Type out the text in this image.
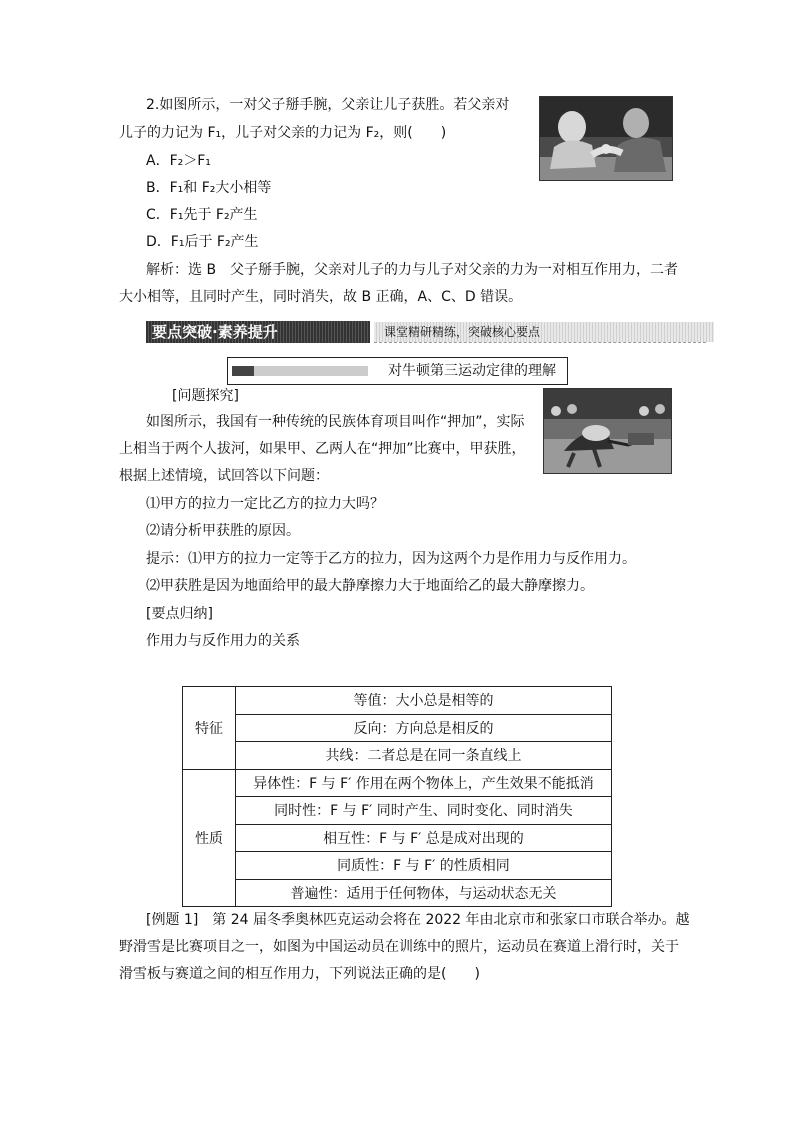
2.如图所示，一对父子掰手腕，父亲让儿子获胜。若父亲对
儿子的力记为 F₁，儿子对父亲的力记为 F₂，则(　　)
A．F₂＞F₁
B．F₁和 F₂大小相等
C．F₁先于 F₂产生
D．F₁后于 F₂产生
解析：选 B　父子掰手腕，父亲对儿子的力与儿子对父亲的力为一对相互作用力，二者
大小相等，且同时产生，同时消失，故 B 正确，A、C、D 错误。
要点突破·素养提升	课堂精研精练，突破核心要点
对牛顿第三运动定律的理解
[问题探究]
如图所示，我国有一种传统的民族体育项目叫作“押加”，实际
上相当于两个人拔河，如果甲、乙两人在“押加”比赛中，甲获胜，
根据上述情境，试回答以下问题：
⑴甲方的拉力一定比乙方的拉力大吗？
⑵请分析甲获胜的原因。
提示：⑴甲方的拉力一定等于乙方的拉力，因为这两个力是作用力与反作用力。
⑵甲获胜是因为地面给甲的最大静摩擦力大于地面给乙的最大静摩擦力。
[要点归纳]
作用力与反作用力的关系
特征	等值：大小总是相等的
	反向：方向总是相反的
	共线：二者总是在同一条直线上
性质	异体性：F 与 F′ 作用在两个物体上，产生效果不能抵消
	同时性：F 与 F′ 同时产生、同时变化、同时消失
	相互性：F 与 F′ 总是成对出现的
	同质性：F 与 F′ 的性质相同
	普遍性：适用于任何物体，与运动状态无关
[例题 1]　第 24 届冬季奥林匹克运动会将在 2022 年由北京市和张家口市联合举办。越
野滑雪是比赛项目之一，如图为中国运动员在训练中的照片，运动员在赛道上滑行时，关于
滑雪板与赛道之间的相互作用力，下列说法正确的是(　　)
